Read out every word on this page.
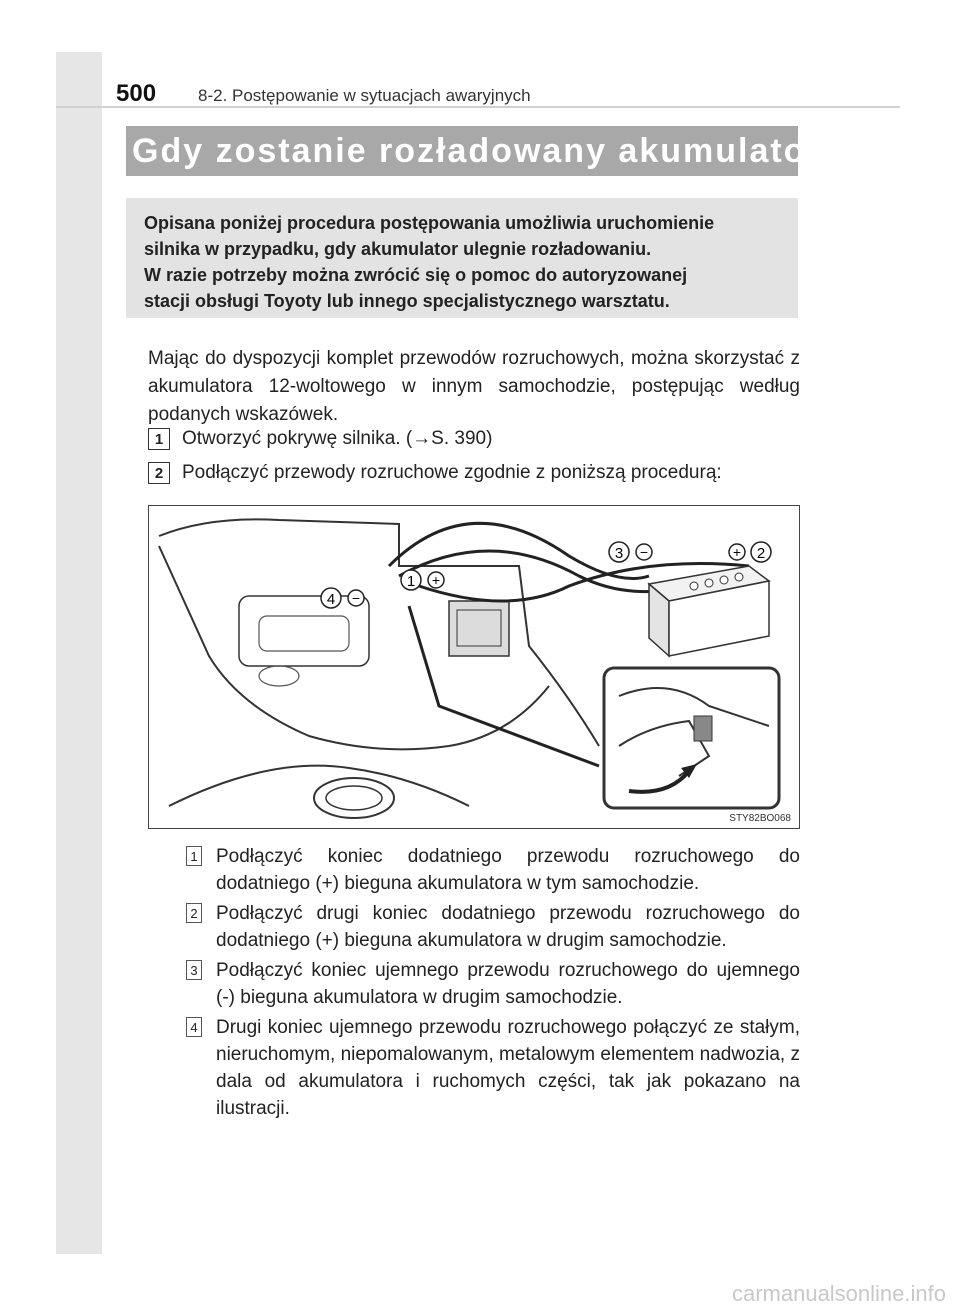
500 8-2. Postępowanie w sytuacjach awaryjnych
Gdy zostanie rozładowany akumulator
Opisana poniżej procedura postępowania umożliwia uruchomienie
silnika w przypadku, gdy akumulator ulegnie rozładowaniu.
W razie potrzeby można zwrócić się o pomoc do autoryzowanej
stacji obsługi Toyoty lub innego specjalistycznego warsztatu.
Mając do dyspozycji komplet przewodów rozruchowych, można skorzystać z akumulatora 12-woltowego w innym samochodzie, postępując według podanych wskazówek.
1 Otworzyć pokrywę silnika. (→S. 390)
2 Podłączyć przewody rozruchowe zgodnie z poniższą procedurą:
3 −	+ 2
1 +
4 −
STY82BO068
1 Podłączyć koniec dodatniego przewodu rozruchowego do dodatniego (+) bieguna akumulatora w tym samochodzie.
2 Podłączyć drugi koniec dodatniego przewodu rozruchowego do dodatniego (+) bieguna akumulatora w drugim samochodzie.
3 Podłączyć koniec ujemnego przewodu rozruchowego do ujemnego (-) bieguna akumulatora w drugim samochodzie.
4 Drugi koniec ujemnego przewodu rozruchowego połączyć ze stałym, nieruchomym, niepomalowanym, metalowym elementem nadwozia, z dala od akumulatora i ruchomych części, tak jak pokazano na ilustracji.
carmanualsonline.info
